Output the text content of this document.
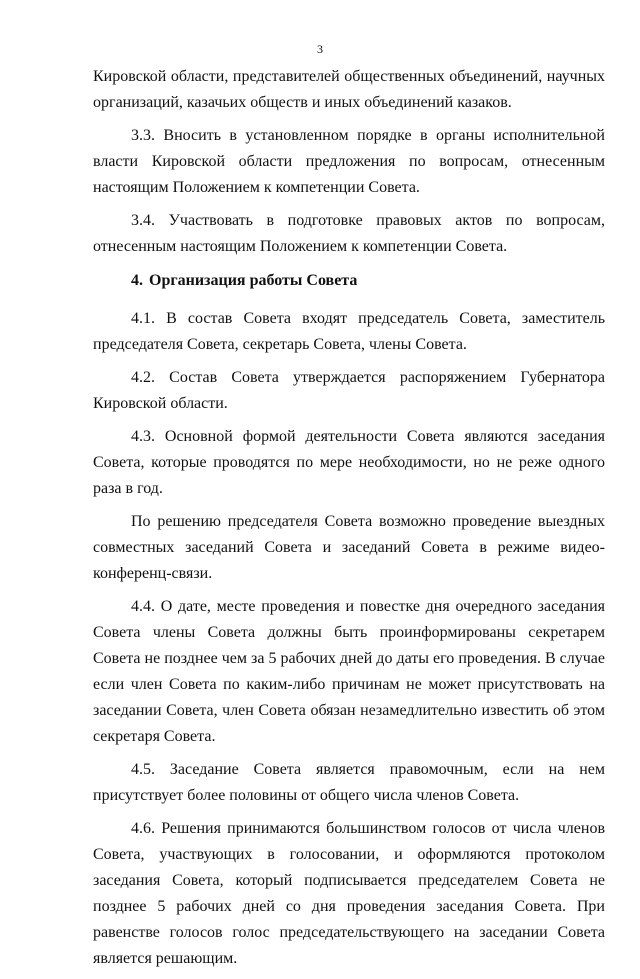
3

Кировской области, представителей общественных объединений, научных организаций, казачьих обществ и иных объединений казаков.

3.3. Вносить в установленном порядке в органы исполнительной власти Кировской области предложения по вопросам, отнесенным настоящим Положением к компетенции Совета.

3.4. Участвовать в подготовке правовых актов по вопросам, отнесенным настоящим Положением к компетенции Совета.

4. Организация работы Совета

4.1. В состав Совета входят председатель Совета, заместитель председателя Совета, секретарь Совета, члены Совета.

4.2. Состав Совета утверждается распоряжением Губернатора Кировской области.

4.3. Основной формой деятельности Совета являются заседания Совета, которые проводятся по мере необходимости, но не реже одного раза в год.

По решению председателя Совета возможно проведение выездных совместных заседаний Совета и заседаний Совета в режиме видео-конференц-связи.

4.4. О дате, месте проведения и повестке дня очередного заседания Совета члены Совета должны быть проинформированы секретарем Совета не позднее чем за 5 рабочих дней до даты его проведения. В случае если член Совета по каким-либо причинам не может присутствовать на заседании Совета, член Совета обязан незамедлительно известить об этом секретаря Совета.

4.5. Заседание Совета является правомочным, если на нем присутствует более половины от общего числа членов Совета.

4.6. Решения принимаются большинством голосов от числа членов Совета, участвующих в голосовании, и оформляются протоколом заседания Совета, который подписывается председателем Совета не позднее 5 рабочих дней со дня проведения заседания Совета. При равенстве голосов голос председательствующего на заседании Совета является решающим.
